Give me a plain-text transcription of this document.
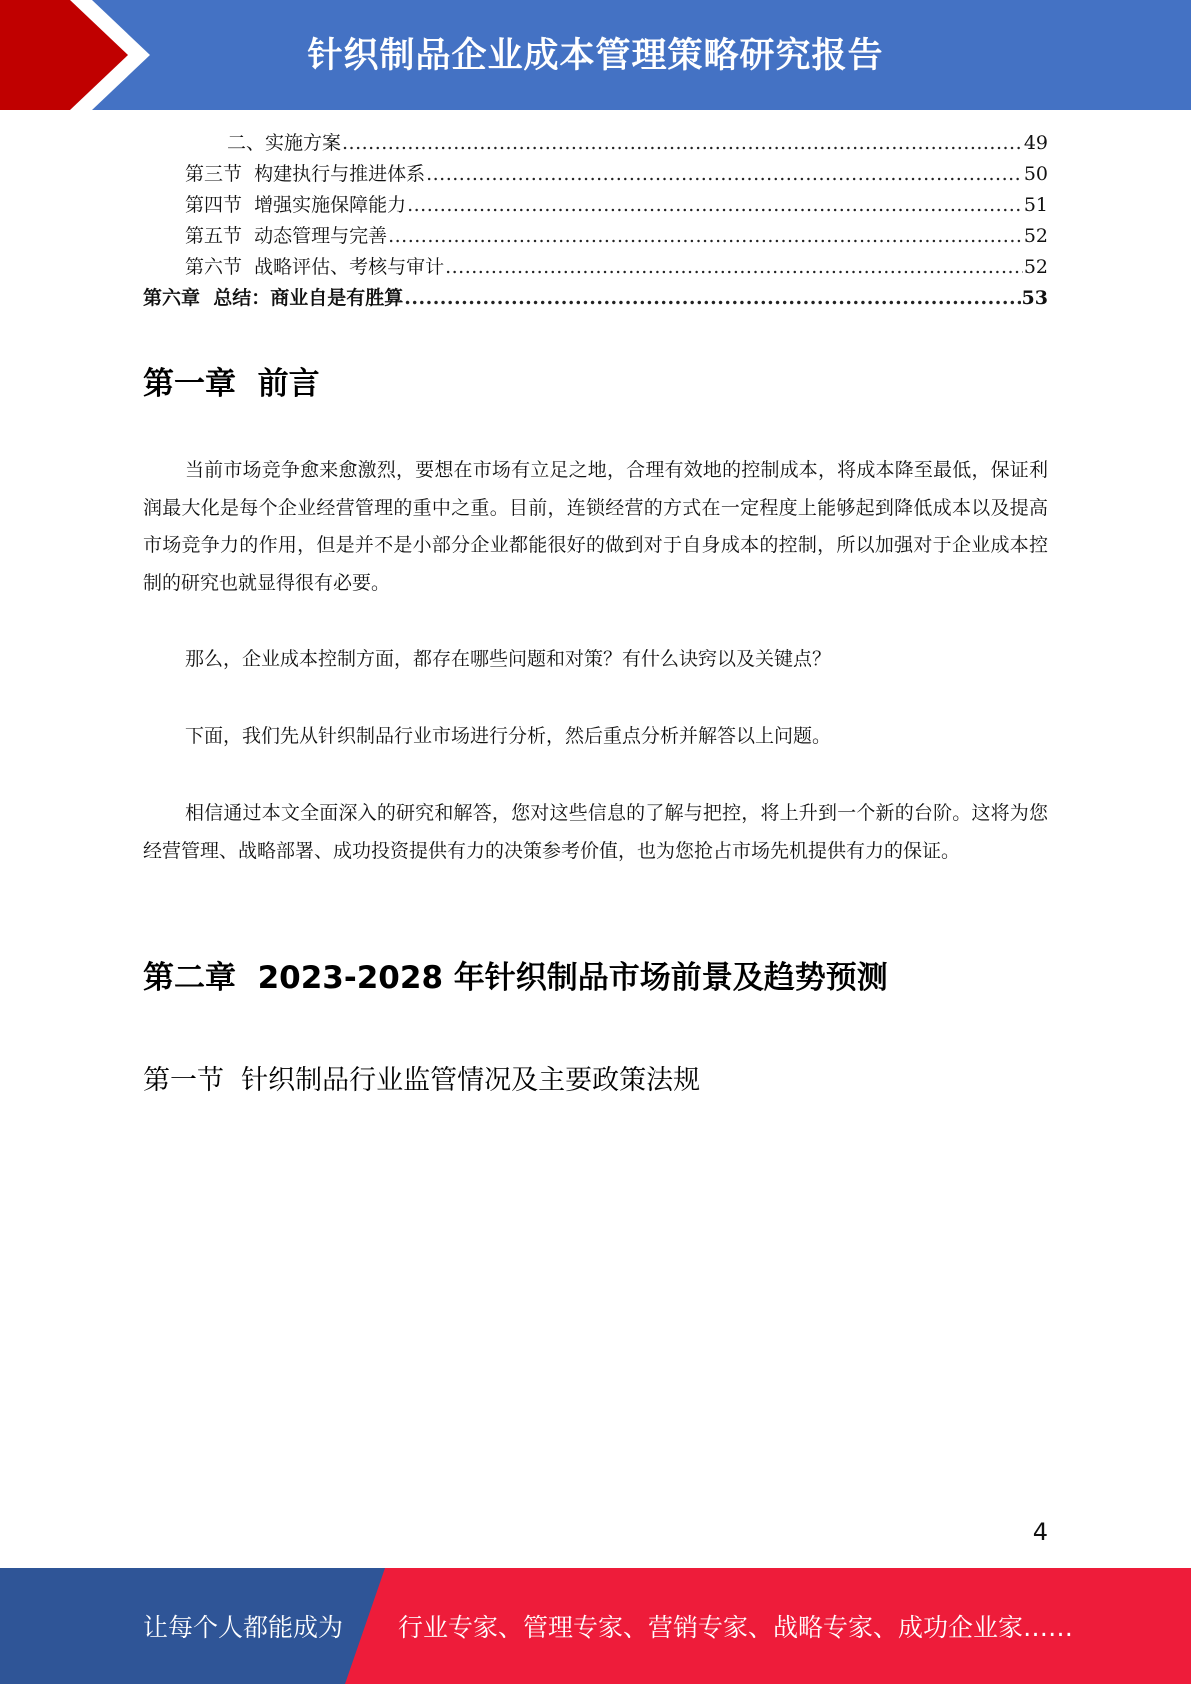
针织制品企业成本管理策略研究报告
二、实施方案 .....	49
第三节  构建执行与推进体系 .....	50
第四节  增强实施保障能力 .....	51
第五节  动态管理与完善 .....	52
第六节  战略评估、考核与审计 .....	52
第六章  总结：商业自是有胜算 .....	53
第一章  前言

当前市场竞争愈来愈激烈，要想在市场有立足之地，合理有效地的控制成本，将成本降至最低，保证利润最大化是每个企业经营管理的重中之重。目前，连锁经营的方式在一定程度上能够起到降低成本以及提高市场竞争力的作用，但是并不是小部分企业都能很好的做到对于自身成本的控制，所以加强对于企业成本控制的研究也就显得很有必要。

那么，企业成本控制方面，都存在哪些问题和对策？有什么诀窍以及关键点？

下面，我们先从针织制品行业市场进行分析，然后重点分析并解答以上问题。

相信通过本文全面深入的研究和解答，您对这些信息的了解与把控，将上升到一个新的台阶。这将为您经营管理、战略部署、成功投资提供有力的决策参考价值，也为您抢占市场先机提供有力的保证。

第二章  2023-2028 年针织制品市场前景及趋势预测
第一节  针织制品行业监管情况及主要政策法规
4
让每个人都能成为 行业专家、管理专家、营销专家、战略专家、成功企业家……
